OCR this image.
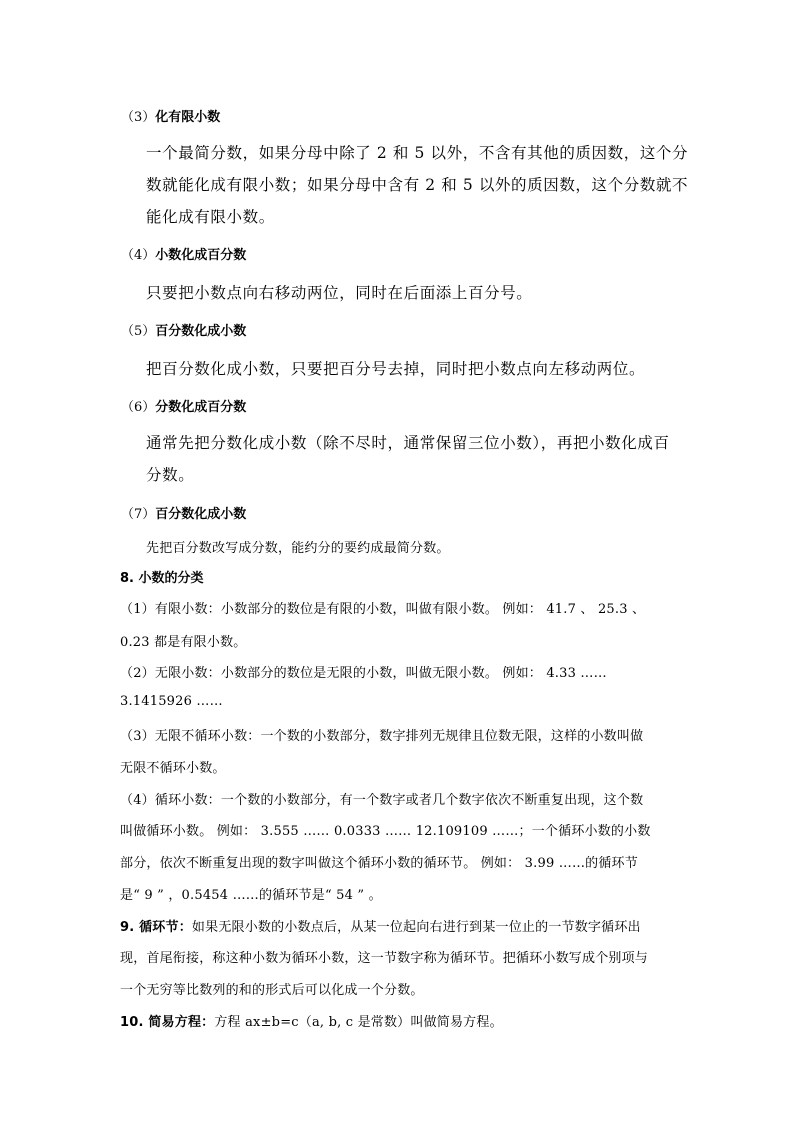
（3）化有限小数
一个最简分数，如果分母中除了 2 和 5 以外，不含有其他的质因数，这个分
数就能化成有限小数；如果分母中含有 2 和 5 以外的质因数，这个分数就不
能化成有限小数。
（4）小数化成百分数
只要把小数点向右移动两位，同时在后面添上百分号。
（5）百分数化成小数
把百分数化成小数，只要把百分号去掉，同时把小数点向左移动两位。
（6）分数化成百分数
通常先把分数化成小数（除不尽时，通常保留三位小数），再把小数化成百
分数。
（7）百分数化成小数
先把百分数改写成分数，能约分的要约成最简分数。
8. 小数的分类
（1）有限小数：小数部分的数位是有限的小数，叫做有限小数。 例如： 41.7 、 25.3 、
0.23 都是有限小数。
（2）无限小数：小数部分的数位是无限的小数，叫做无限小数。 例如： 4.33 ……
3.1415926 ……
（3）无限不循环小数：一个数的小数部分，数字排列无规律且位数无限，这样的小数叫做
无限不循环小数。
（4）循环小数：一个数的小数部分，有一个数字或者几个数字依次不断重复出现，这个数
叫做循环小数。 例如： 3.555 …… 0.0333 …… 12.109109 ……；一个循环小数的小数
部分，依次不断重复出现的数字叫做这个循环小数的循环节。 例如： 3.99 ……的循环节
是“ 9 ” ，0.5454 ……的循环节是“ 54 ” 。
9. 循环节：如果无限小数的小数点后，从某一位起向右进行到某一位止的一节数字循环出
现，首尾衔接，称这种小数为循环小数，这一节数字称为循环节。把循环小数写成个别项与
一个无穷等比数列的和的形式后可以化成一个分数。
10. 简易方程：方程 ax±b=c（a, b, c 是常数）叫做简易方程。
